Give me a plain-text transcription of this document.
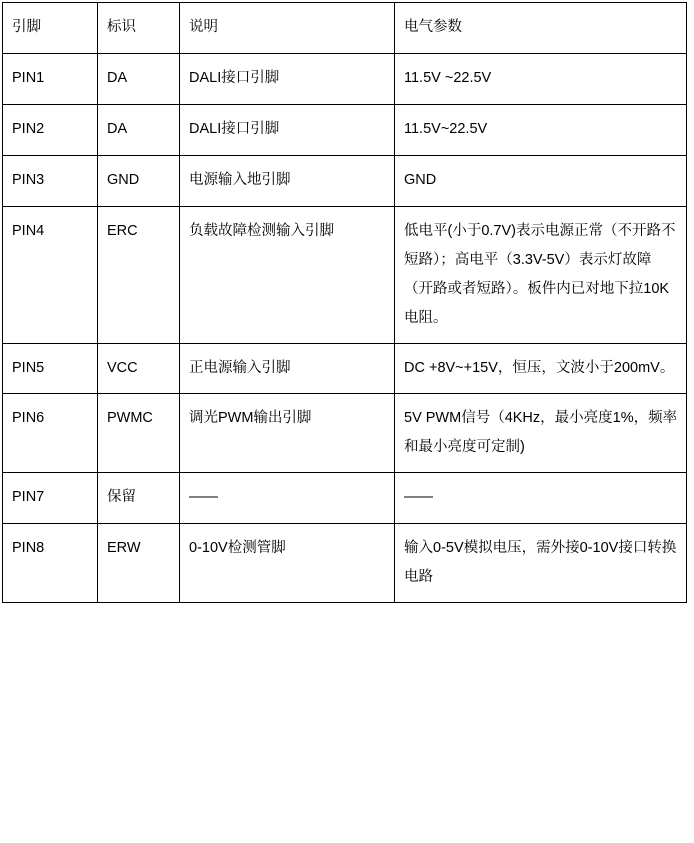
引脚	标识	说明	电气参数

PIN1	DA	DALI接口引脚	11.5V ~22.5V

PIN2	DA	DALI接口引脚	11.5V~22.5V

PIN3	GND	电源输入地引脚	GND

PIN4	ERC	负载故障检测输入引脚	低电平(小于0.7V)表示电源正常（不开路不短路）；高电平（3.3V-5V）表示灯故障（开路或者短路）。板件内已对地下拉10K电阻。

PIN5	VCC	正电源输入引脚	DC +8V~+15V，恒压，文波小于200mV。

PIN6	PWMC	调光PWM输出引脚	5V PWM信号（4KHz，最小亮度1%，频率和最小亮度可定制)

PIN7	保留	——	——

PIN8	ERW	0-10V检测管脚	输入0-5V模拟电压，需外接0-10V接口转换电路
